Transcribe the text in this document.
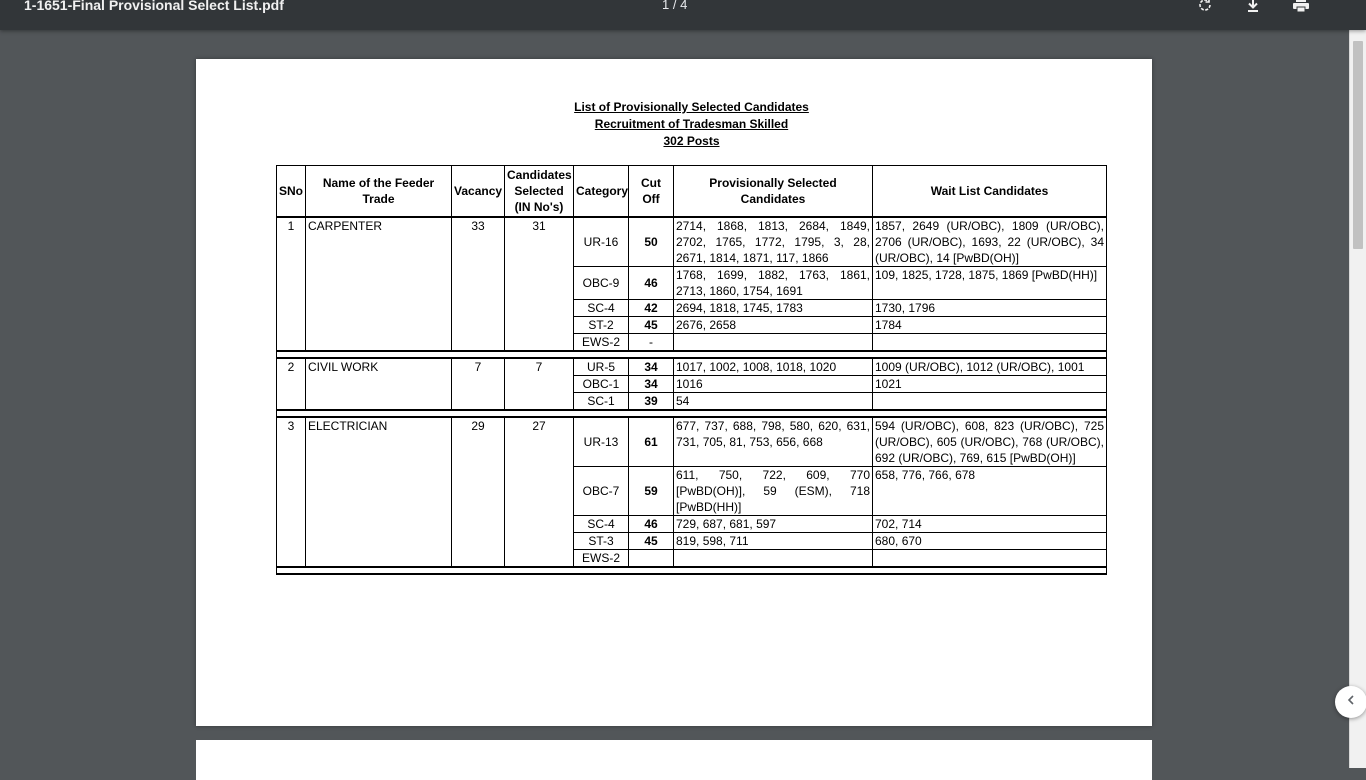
1-1651-Final Provisional Select List.pdf	1 / 4
List of Provisionally Selected Candidates
Recruitment of Tradesman Skilled
302 Posts
SNo	Name of the Feeder Trade	Vacancy	Candidates Selected (IN No's)	Category	Cut Off	Provisionally Selected Candidates	Wait List Candidates
1	CARPENTER	33	31	UR-16	50	2714, 1868, 1813, 2684, 1849, 2702, 1765, 1772, 1795, 3, 28, 2671, 1814, 1871, 117, 1866	1857, 2649 (UR/OBC), 1809 (UR/OBC), 2706 (UR/OBC), 1693, 22 (UR/OBC), 34 (UR/OBC), 14 [PwBD(OH)]
				OBC-9	46	1768, 1699, 1882, 1763, 1861, 2713, 1860, 1754, 1691	109, 1825, 1728, 1875, 1869 [PwBD(HH)]
				SC-4	42	2694, 1818, 1745, 1783	1730, 1796
				ST-2	45	2676, 2658	1784
				EWS-2	-		

2	CIVIL WORK	7	7	UR-5	34	1017, 1002, 1008, 1018, 1020	1009 (UR/OBC), 1012 (UR/OBC), 1001
				OBC-1	34	1016	1021
				SC-1	39	54	

3	ELECTRICIAN	29	27	UR-13	61	677, 737, 688, 798, 580, 620, 631, 731, 705, 81, 753, 656, 668	594 (UR/OBC), 608, 823 (UR/OBC), 725 (UR/OBC), 605 (UR/OBC), 768 (UR/OBC), 692 (UR/OBC), 769, 615 [PwBD(OH)]
				OBC-7	59	611, 750, 722, 609, 770 [PwBD(OH)], 59 (ESM), 718 [PwBD(HH)]	658, 776, 766, 678
				SC-4	46	729, 687, 681, 597	702, 714
				ST-3	45	819, 598, 711	680, 670
				EWS-2			
